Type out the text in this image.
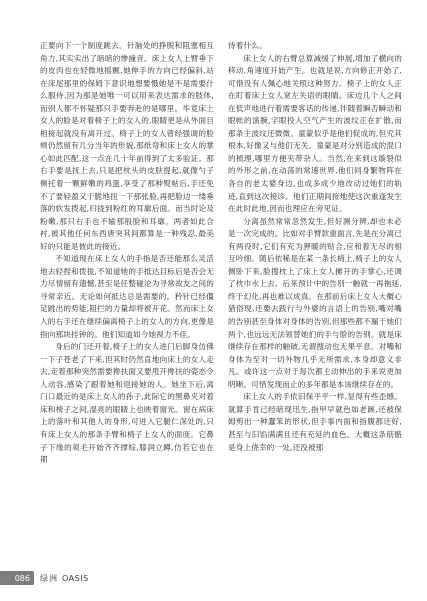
正要向下一个制度跳去。针脑处的挣脱和阻塞相互角力,其实实出了暗暗的惨撞音。床上女人上臂垂下的皮肉也在轻微地摇颤,她伸手的方向已经偏斜,站在床尾那里的保姆下意识地想要慑她是不是需要什么服侍,因为那是她唯一可以用来表达需求的肢体,而别人都不怀疑那只手要奔赴的是哪里。毕竟床上女人的脸是对着椅子上的女人的,眼睛更是从外面目相接起就没有离开过。椅子上的女人曾经强调的脸颊仍然留有几分当年的形貌,那纸弯和床上女人的掌心如此匹配,这一点在几十年前得到了太多验证。那右手要是抚上去,只是把枕头的皮肤提起,就像勺子侧托着一颗鲜嫩的鸡蛋,享受了那种熨帖后,手还免不了要轻盈又干脆地扭一下那张脸,再把脸边一缕垂落的软发拨起,归拢到粉红的耳廓后面。而当时论及粉嫩,那只右手也不输那般脸和耳廓。两者如此合衬,被其他任何东西唐突其间都算是一种残忍,最美好的只能是彼此的接近。

不知道现在床上女人的手指是否还能那么灵活地去轻捏和拨拢,不知道她的手抵达目标后是否会无力尽情留有遗憾,甚至是任整碰沦为寻常故友之间的寻常亲近。无论如何抵达总是需要的。矜针已经僵足跳出的势能,阻拦的力量却将被开花。然而床上女人的右手还在继续偏离椅子上的女人的方向,更像是指向那块挂钟的。他们知道如今她视力不佳。

身后的门还开着,椅子上的女人进门后脚身仿佛一下子苍老了下来,但其时仍然直地向床上的女人走去,走着那种突然需要搀扶面又要甩开搀扶的姿态令人动容,感染了跟着她和迎接她的人。她坐下后,离门口最近的是床上女人的孙子,此际它的黑鼻夹对着床和椅子之间,湿亮的眼睛上也映着窗光。窗在病床上的落叶和其他人的身形,可进入它腿仁深处的,只有床上女人的那条手臂和椅子上女人的面庞。它鼻子下缘的须毛开始齐齐撑棕,膝润立蹲,仿若它也在期

待着什么。

床上女人的右臂总算减缓了伸展,增加了横向的移动,角速度开始产生。也就是说,方向修正开始了,可惜没有人佩心地关照这种努力。椅子上的女人正在盯着床上女人宽左失语的眼睛。床边几个人之间在低声地进行着需要客话的传递,伴随着瞬否瞬动和眼帐的演腕,字眼投入空气产生的波纹正在扩散,而那条主波纹还微微。童蒙似乎是他们促成的,但究其根本,好像又与他们无关。童蒙是对分别造成的混口的梳理,哪里方便夹带杂人。当然,在来到这璇裂似的外形之前,在动荡的常速世界,他们同身繁物阵在各自的老太婆身边,也成多成少地改动过她们的轨迹,直到这次接诊。他们正期间接地使这次重逢发生在此时此地,因而也理应在旁见证。

分离虽然常常忽然发生,但好测分辨,却也未必是一次完成的。比如对手臂款重面言,先是在分离已有两役时,它们有充为狎暖的贴合,应和着无尽的相互吟细。随后依稀是在某一条长椅上,椅子上的女人侧卧下来,脸搜枕上了床上女人摊开的手掌心,还调了枕巾水上去。后来预计中的告别一触就一再拖延,终于幻化,再也难以成真。在那前后床上女人大概心猎俗现,还要去践行与外婆的言语上的告别,嘴对嘴的告别甚至身体对身体的告别,但那些都不漏于她们两个,也远远无法领替她们的手与脸的告别。就是床继续存在那样的触破,无谓搜动也无果平息。对嘴和身体为至对一切外物几乎无所需求,本身却意义非凡。或许这一点对于每次都主动伸出的手来说更加明晰。可惜发现而止的多年都是本该继续存在的。

床上女人的手依旧保平平一样,显得有些歪憾。就算手肯已经暗现迅生,指甲早就色如老蹊,还被保姆剪出一种蠢笨的形状,但手事内面和指腹都还好,甚至与旧馅满满且还有充延的血色。大概这条筋骼是身上侥幸的一处,还没被那

086	绿洲 OASIS
